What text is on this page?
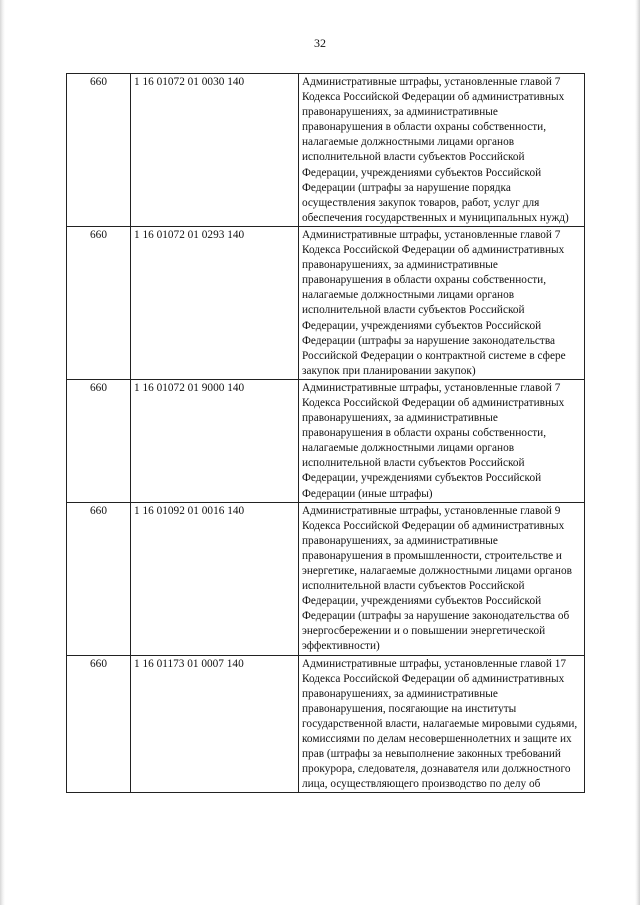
32
660	1 16 01072 01 0030 140	Административные штрафы, установленные главой 7 Кодекса Российской Федерации об административных правонарушениях, за административные правонарушения в области охраны собственности, налагаемые должностными лицами органов исполнительной власти субъектов Российской Федерации, учреждениями субъектов Российской Федерации (штрафы за нарушение порядка осуществления закупок товаров, работ, услуг для обеспечения государственных и муниципальных нужд)
660	1 16 01072 01 0293 140	Административные штрафы, установленные главой 7 Кодекса Российской Федерации об административных правонарушениях, за административные правонарушения в области охраны собственности, налагаемые должностными лицами органов исполнительной власти субъектов Российской Федерации, учреждениями субъектов Российской Федерации (штрафы за нарушение законодательства Российской Федерации о контрактной системе в сфере закупок при планировании закупок)
660	1 16 01072 01 9000 140	Административные штрафы, установленные главой 7 Кодекса Российской Федерации об административных правонарушениях, за административные правонарушения в области охраны собственности, налагаемые должностными лицами органов исполнительной власти субъектов Российской Федерации, учреждениями субъектов Российской Федерации (иные штрафы)
660	1 16 01092 01 0016 140	Административные штрафы, установленные главой 9 Кодекса Российской Федерации об административных правонарушениях, за административные правонарушения в промышленности, строительстве и энергетике, налагаемые должностными лицами органов исполнительной власти субъектов Российской Федерации, учреждениями субъектов Российской Федерации (штрафы за нарушение законодательства об энергосбережении и о повышении энергетической эффективности)
660	1 16 01173 01 0007 140	Административные штрафы, установленные главой 17 Кодекса Российской Федерации об административных правонарушениях, за административные правонарушения, посягающие на институты государственной власти, налагаемые мировыми судьями, комиссиями по делам несовершеннолетних и защите их прав (штрафы за невыполнение законных требований прокурора, следователя, дознавателя или должностного лица, осуществляющего производство по делу об
